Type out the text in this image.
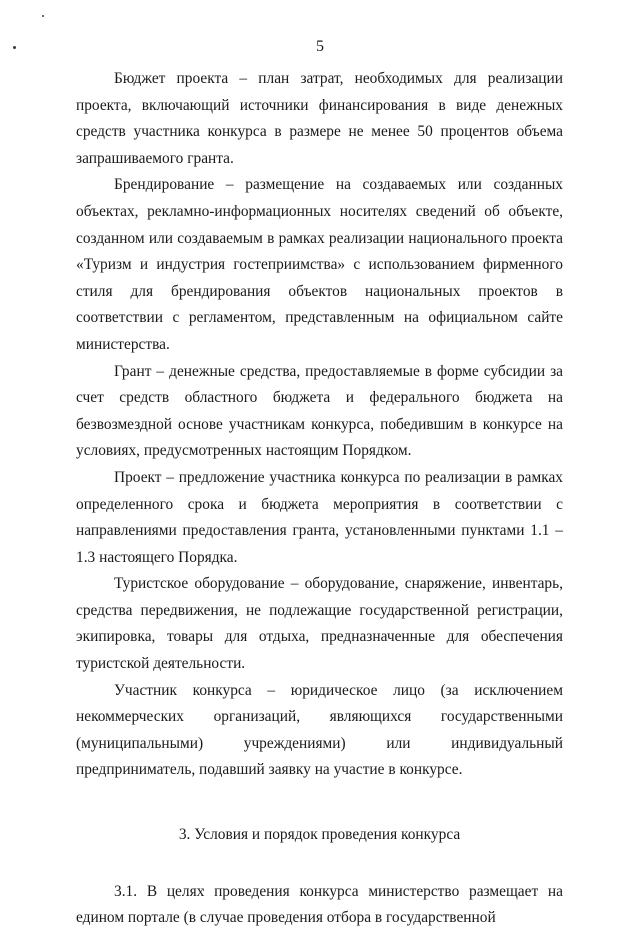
5

Бюджет проекта – план затрат, необходимых для реализации проекта, включающий источники финансирования в виде денежных средств участника конкурса в размере не менее 50 процентов объема запрашиваемого гранта.

Брендирование – размещение на создаваемых или созданных объектах, рекламно-информационных носителях сведений об объекте, созданном или создаваемым в рамках реализации национального проекта «Туризм и индустрия гостеприимства» с использованием фирменного стиля для брендирования объектов национальных проектов в соответствии с регламентом, представленным на официальном сайте министерства.

Грант – денежные средства, предоставляемые в форме субсидии за счет средств областного бюджета и федерального бюджета на безвозмездной основе участникам конкурса, победившим в конкурсе на условиях, предусмотренных настоящим Порядком.

Проект – предложение участника конкурса по реализации в рамках определенного срока и бюджета мероприятия в соответствии с направлениями предоставления гранта, установленными пунктами 1.1 – 1.3 настоящего Порядка.

Туристское оборудование – оборудование, снаряжение, инвентарь, средства передвижения, не подлежащие государственной регистрации, экипировка, товары для отдыха, предназначенные для обеспечения туристской деятельности.

Участник конкурса – юридическое лицо (за исключением некоммерческих организаций, являющихся государственными (муниципальными) учреждениями) или индивидуальный предприниматель, подавший заявку на участие в конкурсе.

3. Условия и порядок проведения конкурса

3.1. В целях проведения конкурса министерство размещает на едином портале (в случае проведения отбора в государственной
